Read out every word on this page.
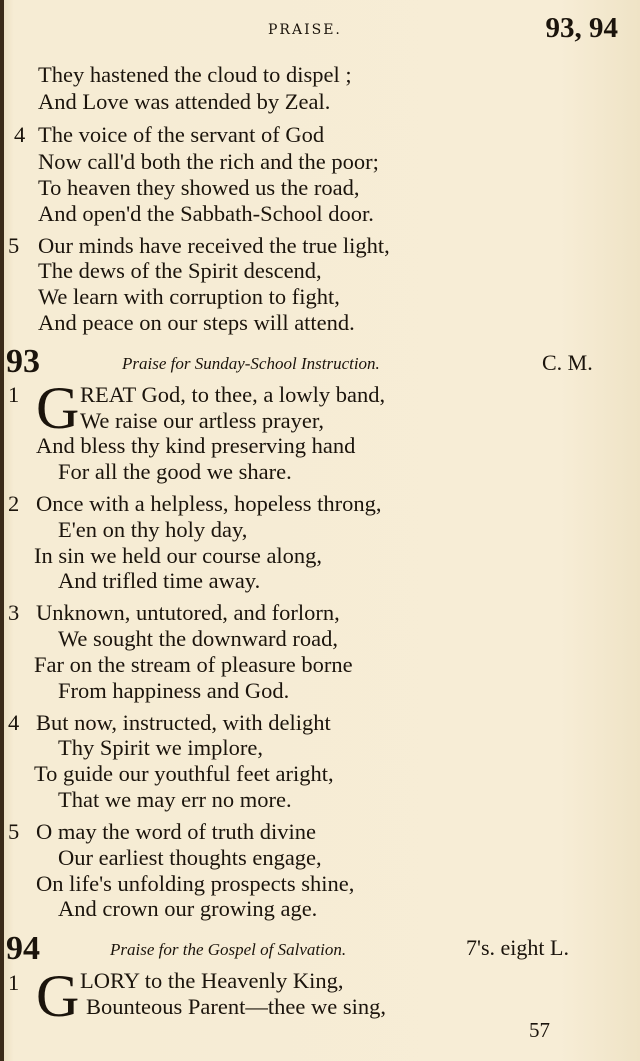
PRAISE.	93, 94
They hastened the cloud to dispel ;
And Love was attended by Zeal.
4 The voice of the servant of God
Now call'd both the rich and the poor;
To heaven they showed us the road,
And open'd the Sabbath-School door.
5 Our minds have received the true light,
The dews of the Spirit descend,
We learn with corruption to fight,
And peace on our steps will attend.
93	Praise for Sunday-School Instruction.	C. M.
1 G REAT God, to thee, a lowly band,
We raise our artless prayer,
And bless thy kind preserving hand
For all the good we share.
2 Once with a helpless, hopeless throng,
E'en on thy holy day,
In sin we held our course along,
And trifled time away.
3 Unknown, untutored, and forlorn,
We sought the downward road,
Far on the stream of pleasure borne
From happiness and God.
4 But now, instructed, with delight
Thy Spirit we implore,
To guide our youthful feet aright,
That we may err no more.
5 O may the word of truth divine
Our earliest thoughts engage,
On life's unfolding prospects shine,
And crown our growing age.
94	Praise for the Gospel of Salvation.	7's. eight L.
1 G LORY to the Heavenly King,
Bounteous Parent—thee we sing,
57
